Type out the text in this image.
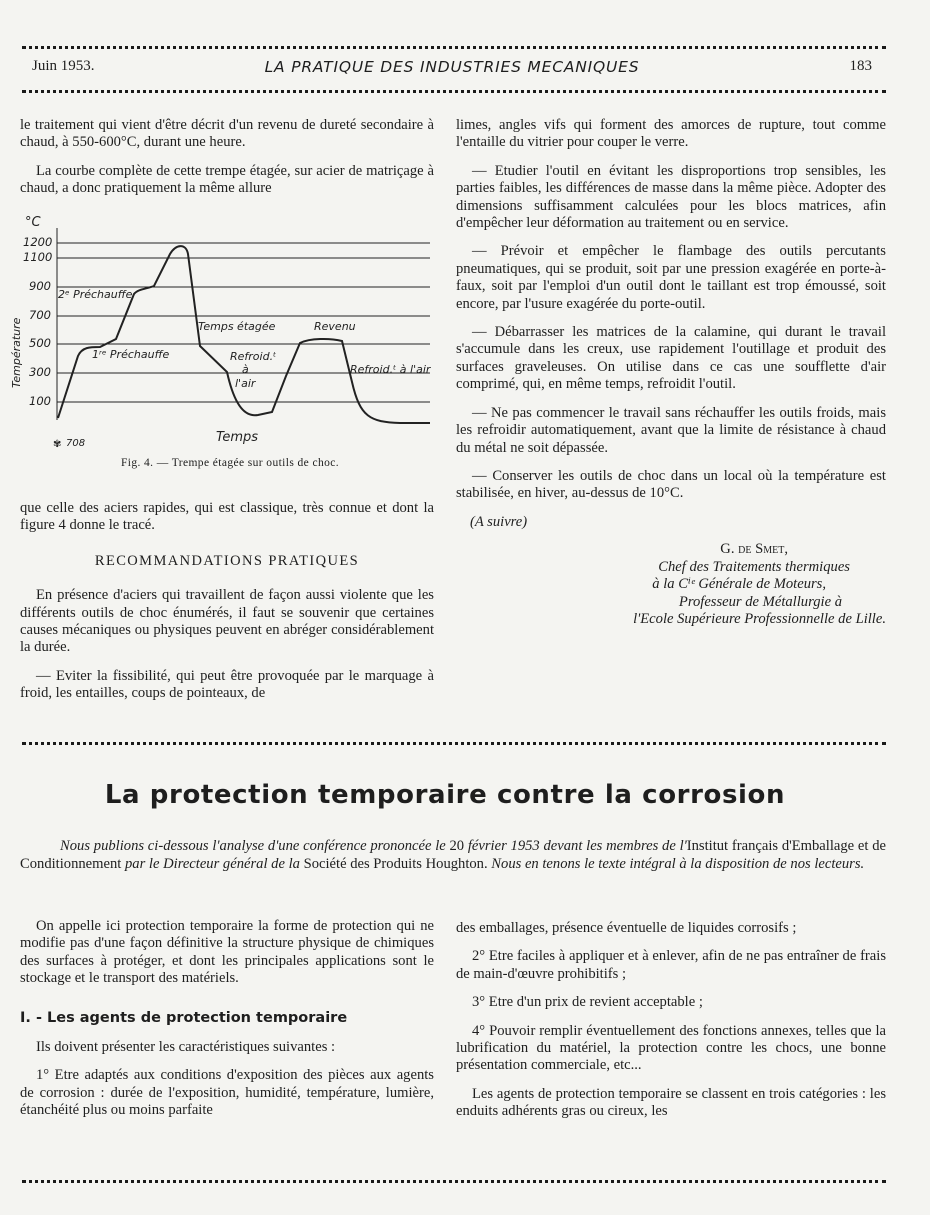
Juin 1953.	LA PRATIQUE DES INDUSTRIES MECANIQUES	183

le traitement qui vient d'être décrit d'un revenu de dureté secondaire à chaud, à 550-600°C, durant une heure.

La courbe complète de cette trempe étagée, sur acier de matriçage à chaud, a donc pratiquement la même allure

°C
1200
1100
900
700
500
300
100
Température
2ᵉ Préchauffe
1ʳᵉ Préchauffe
Temps étagée	Revenu
Refroid.ᵗ
à
l'air
Refroid.ᵗ à l'air
Temps
✾ 708
Fig. 4. — Trempe étagée sur outils de choc.

que celle des aciers rapides, qui est classique, très connue et dont la figure 4 donne le tracé.

RECOMMANDATIONS PRATIQUES

En présence d'aciers qui travaillent de façon aussi violente que les différents outils de choc énumérés, il faut se souvenir que certaines causes mécaniques ou physiques peuvent en abréger considérablement la durée.

— Eviter la fissibilité, qui peut être provoquée par le marquage à froid, les entailles, coups de pointeaux, de

limes, angles vifs qui forment des amorces de rupture, tout comme l'entaille du vitrier pour couper le verre.

— Etudier l'outil en évitant les disproportions trop sensibles, les parties faibles, les différences de masse dans la même pièce. Adopter des dimensions suffisamment calculées pour les blocs matrices, afin d'empêcher leur déformation au traitement ou en service.

— Prévoir et empêcher le flambage des outils percutants pneumatiques, qui se produit, soit par une pression exagérée en porte-à-faux, soit par l'emploi d'un outil dont le taillant est trop émoussé, soit encore, par l'usure exagérée du porte-outil.

— Débarrasser les matrices de la calamine, qui durant le travail s'accumule dans les creux, use rapidement l'outillage et produit des surfaces graveleuses. On utilise dans ce cas une soufflette d'air comprimé, qui, en même temps, refroidit l'outil.

— Ne pas commencer le travail sans réchauffer les outils froids, mais les refroidir automatiquement, avant que la limite de résistance à chaud du métal ne soit dépassée.

— Conserver les outils de choc dans un local où la température est stabilisée, en hiver, au-dessus de 10°C.

(A suivre)
G. de Smet,
Chef des Traitements thermiques
à la Cⁱᵉ Générale de Moteurs,
Professeur de Métallurgie à
l'Ecole Supérieure Professionnelle de Lille.
La protection temporaire contre la corrosion
Nous publions ci-dessous l'analyse d'une conférence prononcée le 20 février 1953 devant les membres de l'Institut français d'Emballage et de Conditionnement par le Directeur général de la Société des Produits Houghton. Nous en tenons le texte intégral à la disposition de nos lecteurs.

On appelle ici protection temporaire la forme de protection qui ne modifie pas d'une façon définitive la structure physique de chimiques des surfaces à protéger, et dont les principales applications sont le stockage et le transport des matériels.

I. - Les agents de protection temporaire

Ils doivent présenter les caractéristiques suivantes :

1° Etre adaptés aux conditions d'exposition des pièces aux agents de corrosion : durée de l'exposition, humidité, température, lumière, étanchéité plus ou moins parfaite

des emballages, présence éventuelle de liquides corrosifs ;

2° Etre faciles à appliquer et à enlever, afin de ne pas entraîner de frais de main-d'œuvre prohibitifs ;

3° Etre d'un prix de revient acceptable ;

4° Pouvoir remplir éventuellement des fonctions annexes, telles que la lubrification du matériel, la protection contre les chocs, une bonne présentation commerciale, etc...

Les agents de protection temporaire se classent en trois catégories : les enduits adhérents gras ou cireux, les
